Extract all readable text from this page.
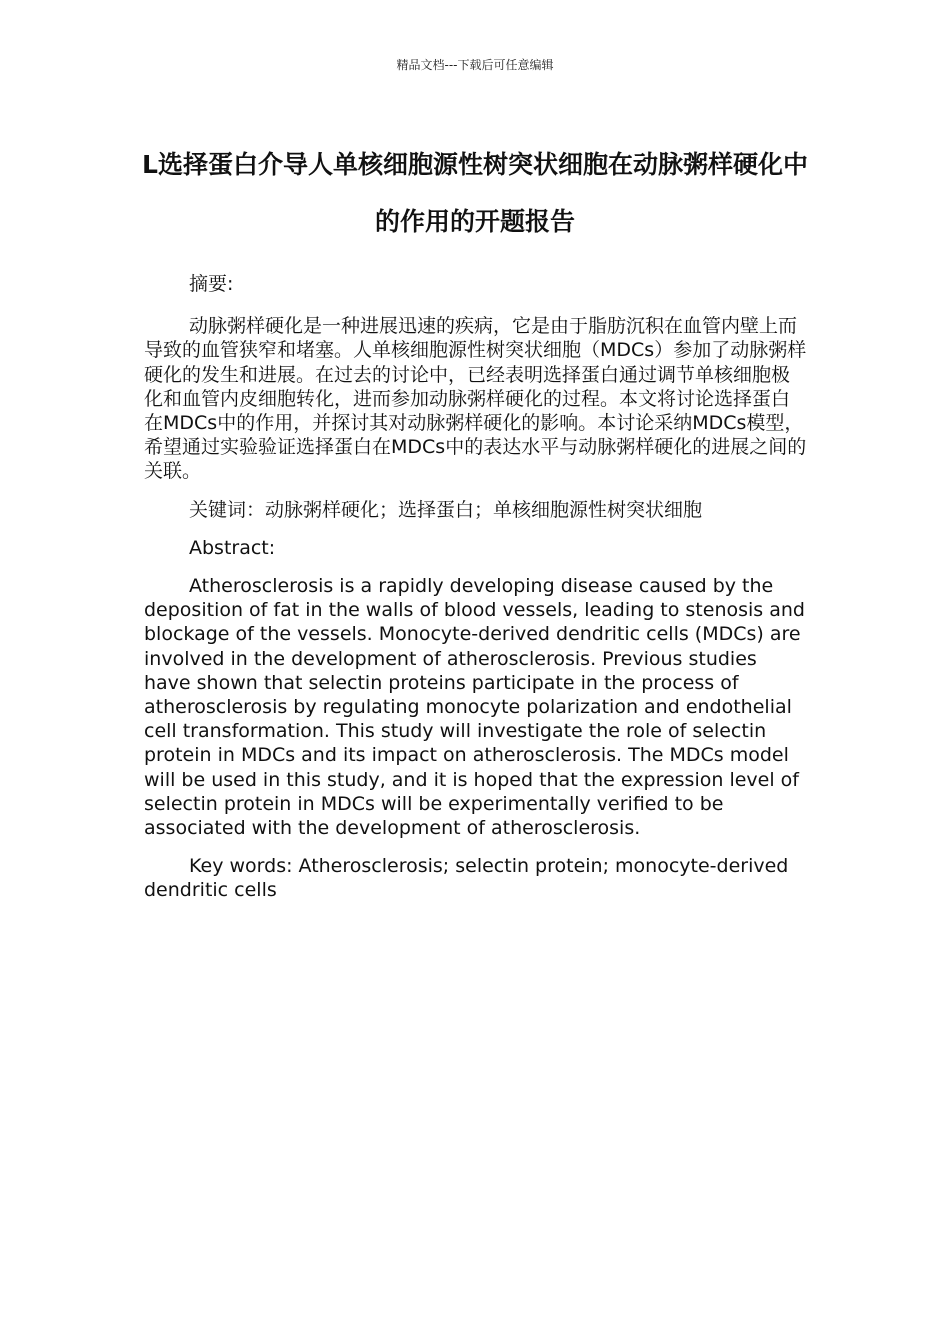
精品文档---下载后可任意编辑
L选择蛋白介导人单核细胞源性树突状细胞在动脉粥样硬化中的作用的开题报告

摘要:

动脉粥样硬化是一种进展迅速的疾病，它是由于脂肪沉积在血管内壁上而导致的血管狭窄和堵塞。人单核细胞源性树突状细胞（MDCs）参加了动脉粥样硬化的发生和进展。在过去的讨论中，已经表明选择蛋白通过调节单核细胞极化和血管内皮细胞转化，进而参加动脉粥样硬化的过程。本文将讨论选择蛋白在MDCs中的作用，并探讨其对动脉粥样硬化的影响。本讨论采纳MDCs模型，希望通过实验验证选择蛋白在MDCs中的表达水平与动脉粥样硬化的进展之间的关联。

关键词：动脉粥样硬化；选择蛋白；单核细胞源性树突状细胞

Abstract:

Atherosclerosis is a rapidly developing disease caused by the deposition of fat in the walls of blood vessels, leading to stenosis and blockage of the vessels. Monocyte-derived dendritic cells (MDCs) are involved in the development of atherosclerosis. Previous studies have shown that selectin proteins participate in the process of atherosclerosis by regulating monocyte polarization and endothelial cell transformation. This study will investigate the role of selectin protein in MDCs and its impact on atherosclerosis. The MDCs model will be used in this study, and it is hoped that the expression level of selectin protein in MDCs will be experimentally verified to be associated with the development of atherosclerosis.

Key words: Atherosclerosis; selectin protein; monocyte-derived dendritic cells
